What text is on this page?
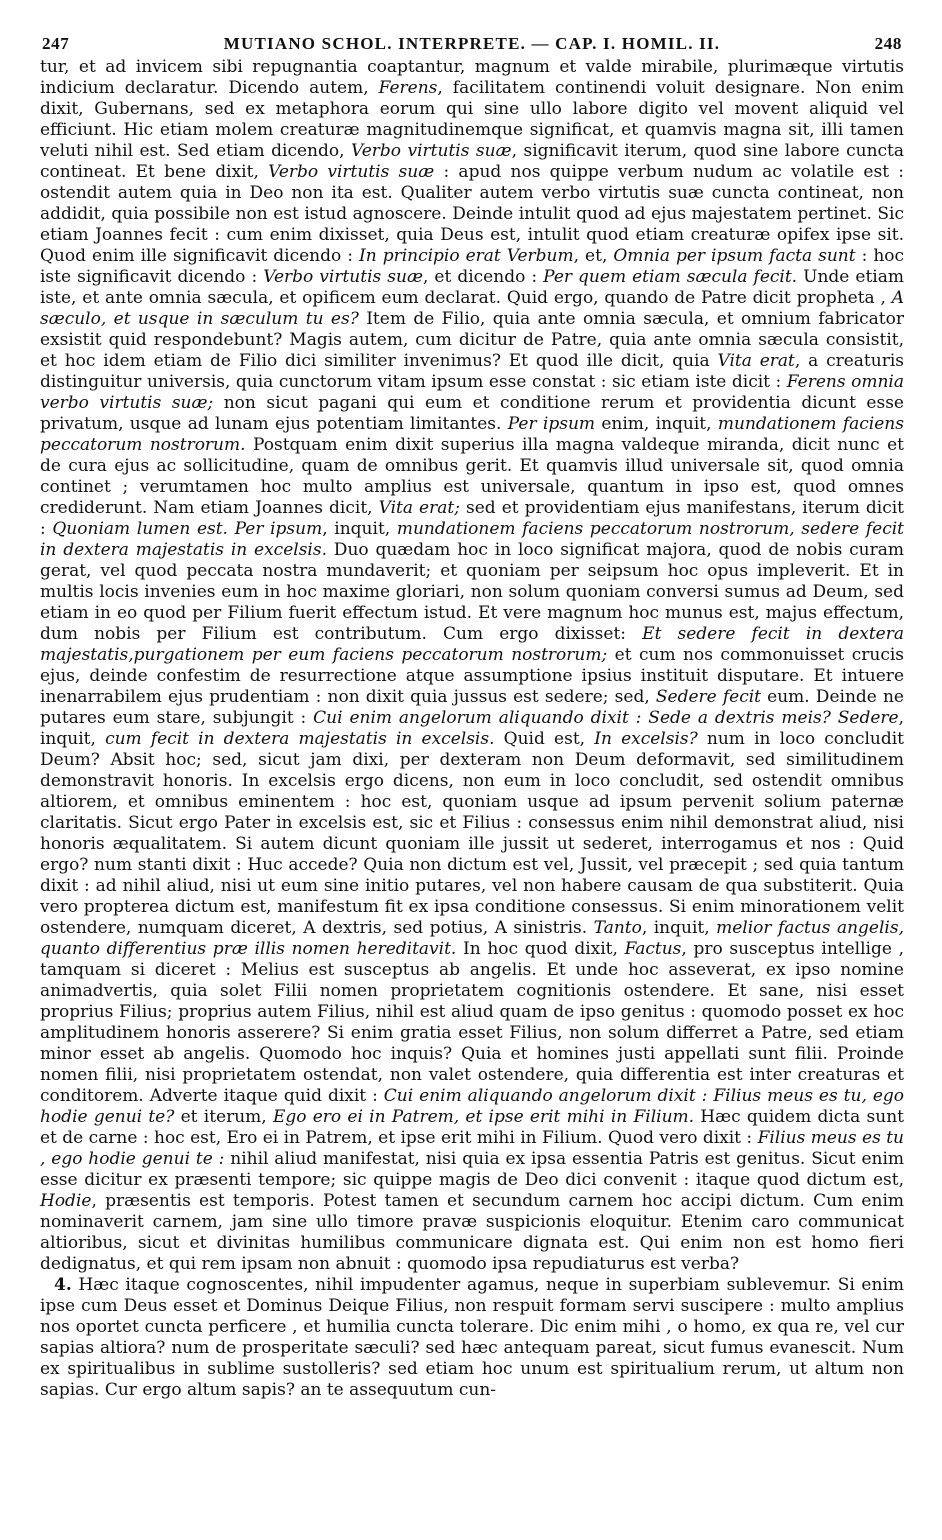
247	MUTIANO SCHOL. INTERPRETE. — CAP. I. HOMIL. II.	248

tur, et ad invicem sibi repugnantia coaptantur, magnum et valde mirabile, plurimæque virtutis indicium declaratur. Dicendo autem, Ferens, facilitatem continendi voluit designare. Non enim dixit, Gubernans, sed ex metaphora eorum qui sine ullo labore digito vel movent aliquid vel efficiunt. Hic etiam molem creaturæ magnitudinemque significat, et quamvis magna sit, illi tamen veluti nihil est. Sed etiam dicendo, Verbo virtutis suæ, significavit iterum, quod sine labore cuncta contineat. Et bene dixit, Verbo virtutis suæ : apud nos quippe verbum nudum ac volatile est : ostendit autem quia in Deo non ita est. Qualiter autem verbo virtutis suæ cuncta contineat, non addidit, quia possibile non est istud agnoscere. Deinde intulit quod ad ejus majestatem pertinet. Sic etiam Joannes fecit : cum enim dixisset, quia Deus est, intulit quod etiam creaturæ opifex ipse sit. Quod enim ille significavit dicendo : In principio erat Verbum, et, Omnia per ipsum facta sunt : hoc iste significavit dicendo : Verbo virtutis suæ, et dicendo : Per quem etiam sæcula fecit. Unde etiam iste, et ante omnia sæcula, et opificem eum declarat. Quid ergo, quando de Patre dicit propheta , A sæculo, et usque in sæculum tu es? Item de Filio, quia ante omnia sæcula, et omnium fabricator exsistit quid respondebunt? Magis autem, cum dicitur de Patre, quia ante omnia sæcula consistit, et hoc idem etiam de Filio dici similiter invenimus? Et quod ille dicit, quia Vita erat, a creaturis distinguitur universis, quia cunctorum vitam ipsum esse constat : sic etiam iste dicit : Ferens omnia verbo virtutis suæ; non sicut pagani qui eum et conditione rerum et providentia dicunt esse privatum, usque ad lunam ejus potentiam limitantes. Per ipsum enim, inquit, mundationem faciens peccatorum nostrorum. Postquam enim dixit superius illa magna valdeque miranda, dicit nunc et de cura ejus ac sollicitudine, quam de omnibus gerit. Et quamvis illud universale sit, quod omnia continet ; verumtamen hoc multo amplius est universale, quantum in ipso est, quod omnes crediderunt. Nam etiam Joannes dicit, Vita erat; sed et providentiam ejus manifestans, iterum dicit : Quoniam lumen est. Per ipsum, inquit, mundationem faciens peccatorum nostrorum, sedere fecit in dextera majestatis in excelsis. Duo quædam hoc in loco significat majora, quod de nobis curam gerat, vel quod peccata nostra mundaverit; et quoniam per seipsum hoc opus impleverit. Et in multis locis invenies eum in hoc maxime gloriari, non solum quoniam conversi sumus ad Deum, sed etiam in eo quod per Filium fuerit effectum istud. Et vere magnum hoc munus est, majus effectum, dum nobis per Filium est contributum. Cum ergo dixisset: Et sedere fecit in dextera majestatis,purgationem per eum faciens peccatorum nostrorum; et cum nos commonuisset crucis ejus, deinde confestim de resurrectione atque assumptione ipsius instituit disputare. Et intuere inenarrabilem ejus prudentiam : non dixit quia jussus est sedere; sed, Sedere fecit eum. Deinde ne putares eum stare, subjungit : Cui enim angelorum aliquando dixit : Sede a dextris meis? Sedere, inquit, cum fecit in dextera majestatis in excelsis. Quid est, In excelsis? num in loco concludit Deum? Absit hoc; sed, sicut jam dixi, per dexteram non Deum deformavit, sed similitudinem demonstravit honoris. In excelsis ergo dicens, non eum in loco concludit, sed ostendit omnibus altiorem, et omnibus eminentem : hoc est, quoniam usque ad ipsum pervenit solium paternæ claritatis. Sicut ergo Pater in excelsis est, sic et Filius : consessus enim nihil demonstrat aliud, nisi honoris æqualitatem. Si autem dicunt quoniam ille jussit ut sederet, interrogamus et nos : Quid ergo? num stanti dixit : Huc accede? Quia non dictum est vel, Jussit, vel præcepit ; sed quia tantum dixit : ad nihil aliud, nisi ut eum sine initio putares, vel non habere causam de qua substiterit. Quia vero propterea dictum est, manifestum fit ex ipsa conditione consessus. Si enim minorationem velit ostendere, numquam diceret, A dextris, sed potius, A sinistris. Tanto, inquit, melior factus angelis, quanto differentius præ illis nomen hereditavit. In hoc quod dixit, Factus, pro susceptus intellige , tamquam si diceret : Melius est susceptus ab angelis. Et unde hoc asseverat, ex ipso nomine animadvertis, quia solet Filii nomen proprietatem cognitionis ostendere. Et sane, nisi esset proprius Filius; proprius autem Filius, nihil est aliud quam de ipso genitus : quomodo posset ex hoc amplitudinem honoris asserere? Si enim gratia esset Filius, non solum differret a Patre, sed etiam minor esset ab angelis. Quomodo hoc inquis? Quia et homines justi appellati sunt filii. Proinde nomen filii, nisi proprietatem ostendat, non valet ostendere, quia differentia est inter creaturas et conditorem. Adverte itaque quid dixit : Cui enim aliquando angelorum dixit : Filius meus es tu, ego hodie genui te? et iterum, Ego ero ei in Patrem, et ipse erit mihi in Filium. Hæc quidem dicta sunt et de carne : hoc est, Ero ei in Patrem, et ipse erit mihi in Filium. Quod vero dixit : Filius meus es tu , ego hodie genui te : nihil aliud manifestat, nisi quia ex ipsa essentia Patris est genitus. Sicut enim esse dicitur ex præsenti tempore; sic quippe magis de Deo dici convenit : itaque quod dictum est, Hodie, præsentis est temporis. Potest tamen et secundum carnem hoc accipi dictum. Cum enim nominaverit carnem, jam sine ullo timore pravæ suspicionis eloquitur. Etenim caro communicat altioribus, sicut et divinitas humilibus communicare dignata est. Qui enim non est homo fieri dedignatus, et qui rem ipsam non abnuit : quomodo ipsa repudiaturus est verba?

4. Hæc itaque cognoscentes, nihil impudenter agamus, neque in superbiam sublevemur. Si enim ipse cum Deus esset et Dominus Deique Filius, non respuit formam servi suscipere : multo amplius nos oportet cuncta perficere , et humilia cuncta tolerare. Dic enim mihi , o homo, ex qua re, vel cur sapias altiora? num de prosperitate sæculi? sed hæc antequam pareat, sicut fumus evanescit. Num ex spiritualibus in sublime sustolleris? sed etiam hoc unum est spiritualium rerum, ut altum non sapias. Cur ergo altum sapis? an te assequutum cun-
